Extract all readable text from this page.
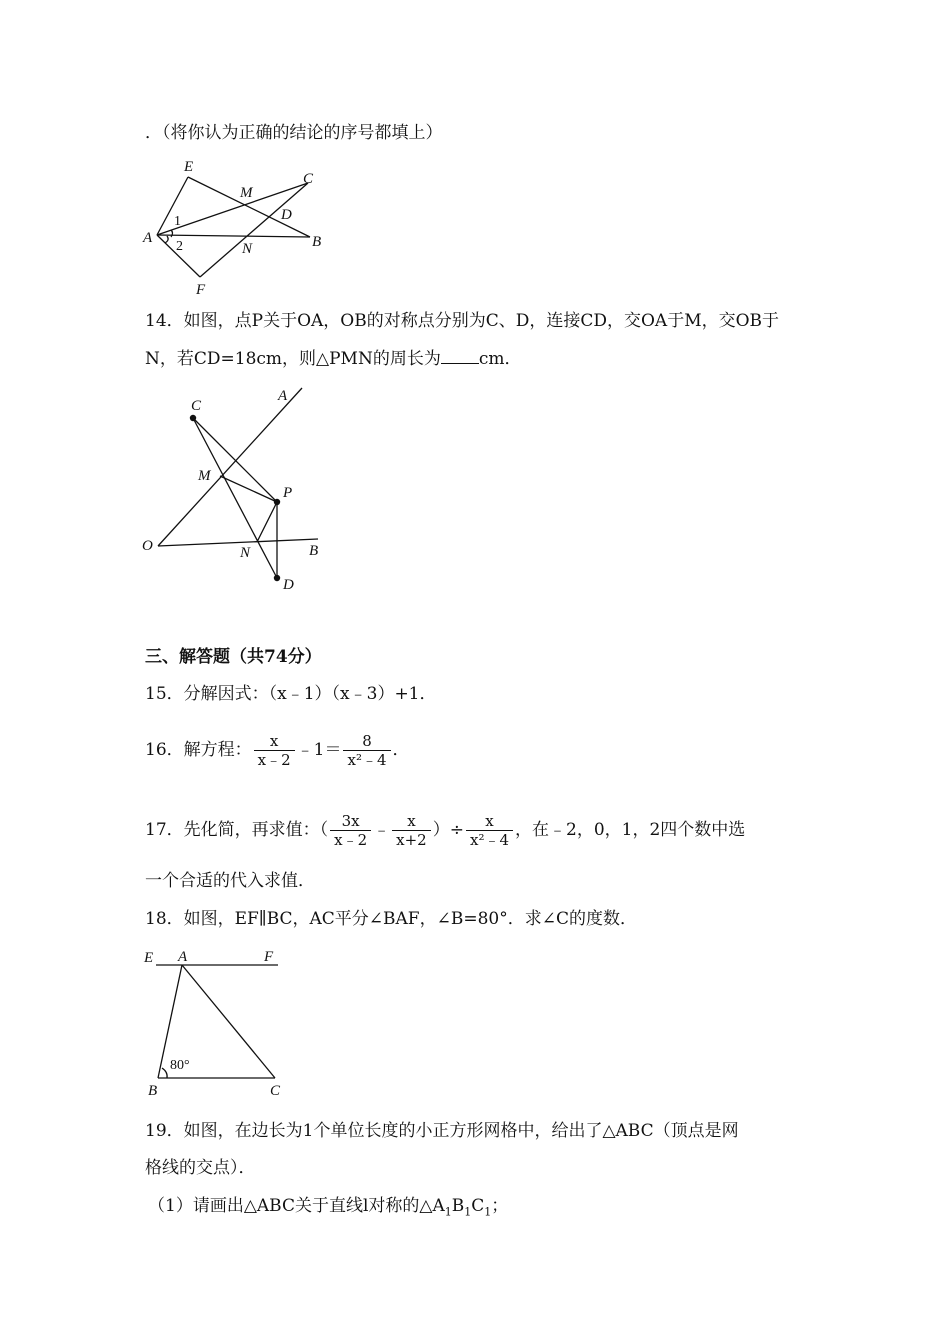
．（将你认为正确的结论的序号都填上）
E
M
C
D
A
1
2	N	B
F
14．如图，点P关于OA，OB的对称点分别为C、D，连接CD，交OA于M，交OB于
N，若CD=18cm，则△PMN的周长为 cm．
A
C
M
P
O	N	B
D
三、解答题（共74分）
15．分解因式：（x﹣1）（x﹣3）+1．
16．解方程： $\frac{x}{x﹣2}$ ﹣1＝ $\frac{8}{\text{x²﹣4}}$ ．
17．先化简，再求值：（ $\frac{3x}{x﹣2}$ ﹣ $\frac{x}{x+2}$ ）÷ $\frac{x}{\text{x²﹣4}}$ ，在﹣2，0，1，2四个数中选
一个合适的代入求值．
18．如图，EF∥BC，AC平分∠BAF，∠B=80°．求∠C的度数．
E A	F
80°
B	C
19．如图，在边长为1个单位长度的小正方形网格中，给出了△ABC（顶点是网
格线的交点）．
（1）请画出△ABC关于直线l对称的$\triangle A_1B_1C_1$；
